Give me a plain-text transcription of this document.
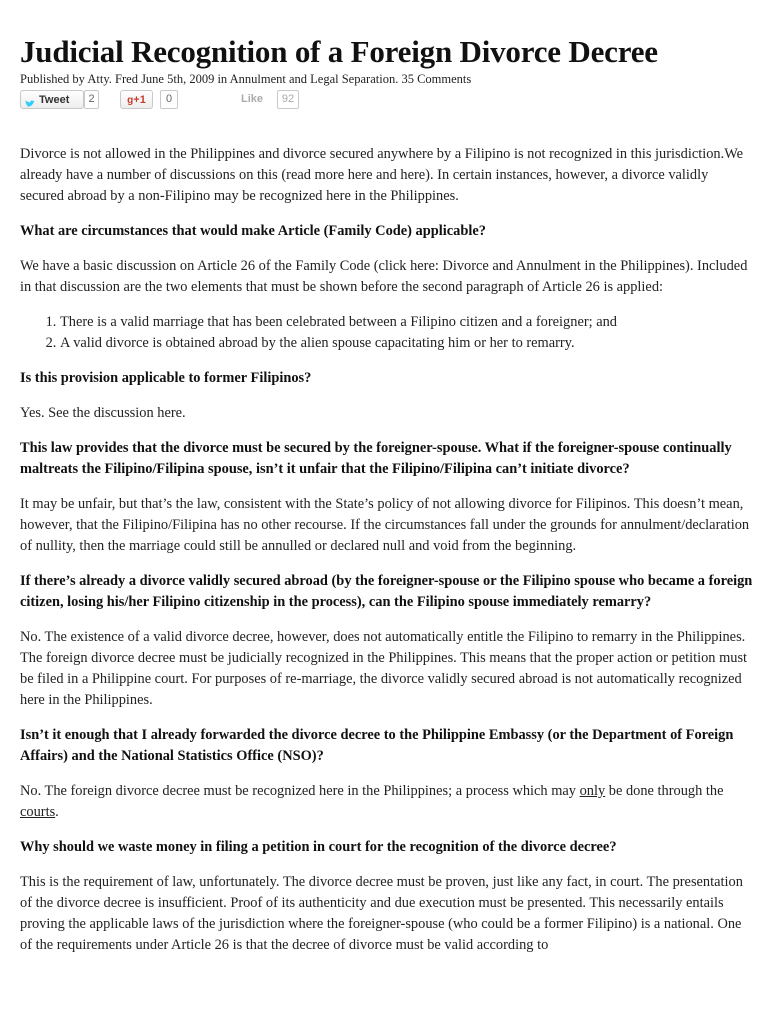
Judicial Recognition of a Foreign Divorce Decree
Published by Atty. Fred June 5th, 2009 in Annulment and Legal Separation. 35 Comments
Tweet	2	g+1	0	Like	92

Divorce is not allowed in the Philippines and divorce secured anywhere by a Filipino is not recognized in this jurisdiction.We already have a number of discussions on this (read more here and here). In certain instances, however, a divorce validly secured abroad by a non-Filipino may be recognized here in the Philippines.

What are circumstances that would make Article (Family Code) applicable?

We have a basic discussion on Article 26 of the Family Code (click here: Divorce and Annulment in the Philippines). Included in that discussion are the two elements that must be shown before the second paragraph of Article 26 is applied:

1. There is a valid marriage that has been celebrated between a Filipino citizen and a foreigner; and
2. A valid divorce is obtained abroad by the alien spouse capacitating him or her to remarry.

Is this provision applicable to former Filipinos?

Yes. See the discussion here.

This law provides that the divorce must be secured by the foreigner-spouse. What if the foreigner-spouse continually maltreats the Filipino/Filipina spouse, isn’t it unfair that the Filipino/Filipina can’t initiate divorce?

It may be unfair, but that’s the law, consistent with the State’s policy of not allowing divorce for Filipinos. This doesn’t mean, however, that the Filipino/Filipina has no other recourse. If the circumstances fall under the grounds for annulment/declaration of nullity, then the marriage could still be annulled or declared null and void from the beginning.

If there’s already a divorce validly secured abroad (by the foreigner-spouse or the Filipino spouse who became a foreign citizen, losing his/her Filipino citizenship in the process), can the Filipino spouse immediately remarry?

No. The existence of a valid divorce decree, however, does not automatically entitle the Filipino to remarry in the Philippines. The foreign divorce decree must be judicially recognized in the Philippines. This means that the proper action or petition must be filed in a Philippine court. For purposes of re-marriage, the divorce validly secured abroad is not automatically recognized here in the Philippines.

Isn’t it enough that I already forwarded the divorce decree to the Philippine Embassy (or the Department of Foreign Affairs) and the National Statistics Office (NSO)?

No. The foreign divorce decree must be recognized here in the Philippines; a process which may only be done through the courts.

Why should we waste money in filing a petition in court for the recognition of the divorce decree?

This is the requirement of law, unfortunately. The divorce decree must be proven, just like any fact, in court. The presentation of the divorce decree is insufficient. Proof of its authenticity and due execution must be presented. This necessarily entails proving the applicable laws of the jurisdiction where the foreigner-spouse (who could be a former Filipino) is a national. One of the requirements under Article 26 is that the decree of divorce must be valid according to
